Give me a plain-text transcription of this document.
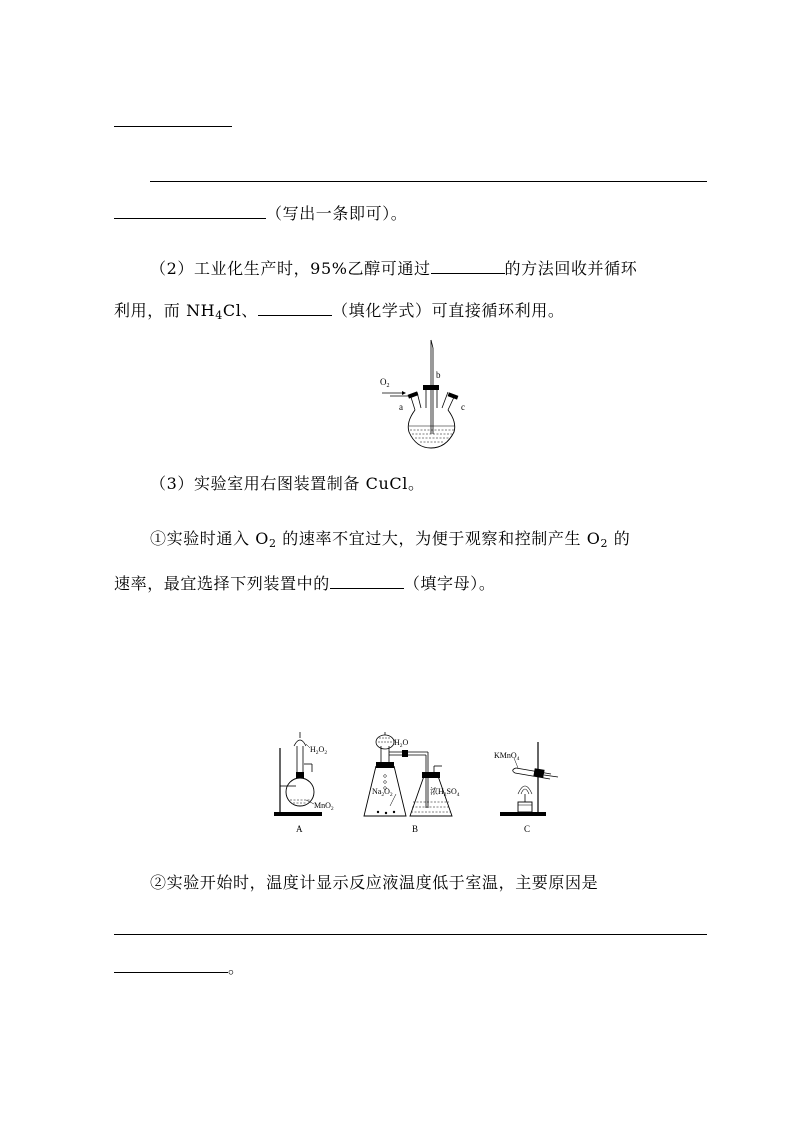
（写出一条即可）。
（2）工业化生产时，95%乙醇可通过	的方法回收并循环
利用，而 $NH_4Cl$、	（填化学式）可直接循环利用。
$O_2$
a
b
c
（3）实验室用右图装置制备 CuCl。
①实验时通入 $O_2$ 的速率不宜过大，为便于观察和控制产生 $O_2$ 的
速率，最宜选择下列装置中的	（填字母）。
$H_2O_2$
MnO$_2$
A
$Na_2O_2$
$H_2O$
浓$H_2SO_4$
B
KMnO$_4$
C
②实验开始时，温度计显示反应液温度低于室温，主要原因是
。
